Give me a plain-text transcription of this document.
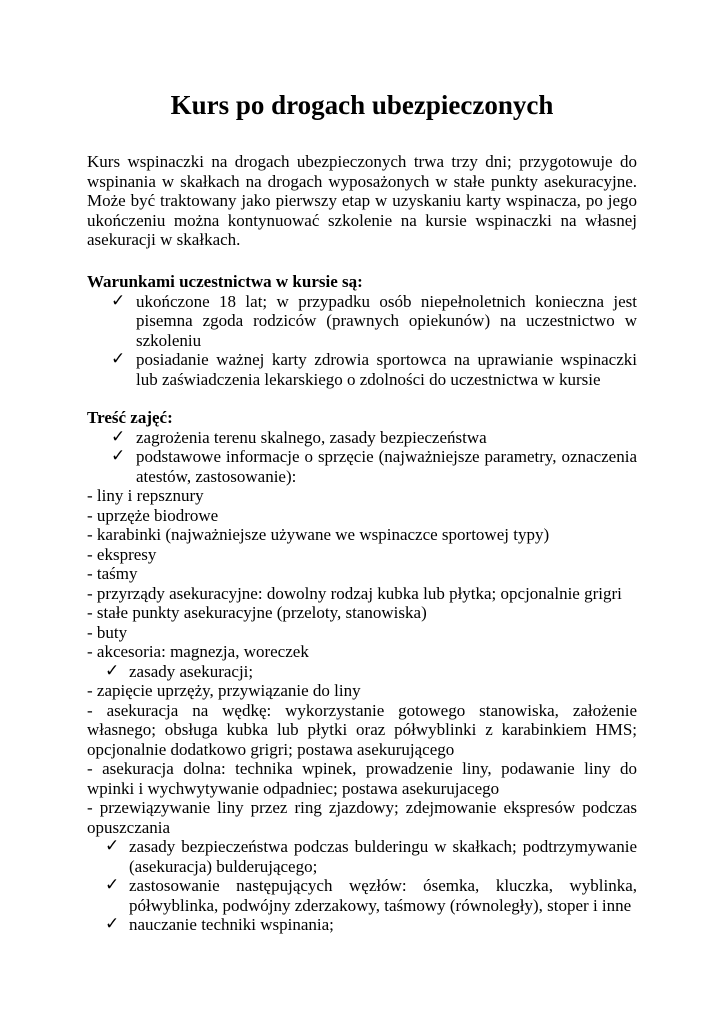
Kurs po drogach ubezpieczonych

Kurs wspinaczki na drogach ubezpieczonych trwa trzy dni; przygotowuje do wspinania w skałkach na drogach wyposażonych w stałe punkty asekuracyjne. Może być traktowany jako pierwszy etap w uzyskaniu karty wspinacza, po jego ukończeniu można kontynuować szkolenie na kursie wspinaczki na własnej asekuracji w skałkach.

Warunkami uczestnictwa w kursie są:

✓ ukończone 18 lat; w przypadku osób niepełnoletnich konieczna jest pisemna zgoda rodziców (prawnych opiekunów) na uczestnictwo w szkoleniu
✓ posiadanie ważnej karty zdrowia sportowca na uprawianie wspinaczki lub zaświadczenia lekarskiego o zdolności do uczestnictwa w kursie

Treść zajęć:

✓ zagrożenia terenu skalnego, zasady bezpieczeństwa
✓ podstawowe informacje o sprzęcie (najważniejsze parametry, oznaczenia atestów, zastosowanie):

- liny i repsznury

- uprzęże biodrowe

- karabinki (najważniejsze używane we wspinaczce sportowej typy)

- ekspresy

- taśmy

- przyrządy asekuracyjne: dowolny rodzaj kubka lub płytka; opcjonalnie grigri

- stałe punkty asekuracyjne (przeloty, stanowiska)

- buty

- akcesoria: magnezja, woreczek

✓ zasady asekuracji;

- zapięcie uprzęży, przywiązanie do liny

- asekuracja na wędkę: wykorzystanie gotowego stanowiska, założenie własnego; obsługa kubka lub płytki oraz półwyblinki z karabinkiem HMS; opcjonalnie dodatkowo grigri; postawa asekurującego

- asekuracja dolna: technika wpinek, prowadzenie liny, podawanie liny do wpinki i wychwytywanie odpadniec; postawa asekurujacego

- przewiązywanie liny przez ring zjazdowy; zdejmowanie ekspresów podczas opuszczania

✓ zasady bezpieczeństwa podczas bulderingu w skałkach; podtrzymywanie (asekuracja) bulderującego;
✓ zastosowanie następujących węzłów: ósemka, kluczka, wyblinka, półwyblinka, podwójny zderzakowy, taśmowy (równoległy), stoper i inne
✓ nauczanie techniki wspinania;
